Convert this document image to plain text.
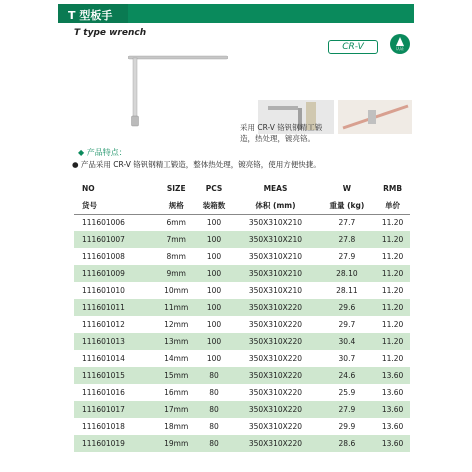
T 型板手
T type wrench
CR-V	认证
采用 CR-V 铬钒钢精工锻
造，热处理，镀亮铬。
◆ 产品特点：
● 产品采用 CR-V 铬钒钢精工锻造，整体热处理，镀亮铬，使用方便快捷。
NO	SIZE	PCS	MEAS	W	RMB
货号	规格	装箱数	体积 (mm)	重量 (kg)	单价
111601006	6mm	100	350X310X210	27.7	11.20
111601007	7mm	100	350X310X210	27.8	11.20
111601008	8mm	100	350X310X210	27.9	11.20
111601009	9mm	100	350X310X210	28.10	11.20
111601010	10mm	100	350X310X210	28.11	11.20
111601011	11mm	100	350X310X220	29.6	11.20
111601012	12mm	100	350X310X220	29.7	11.20
111601013	13mm	100	350X310X220	30.4	11.20
111601014	14mm	100	350X310X220	30.7	11.20
111601015	15mm	80	350X310X220	24.6	13.60
111601016	16mm	80	350X310X220	25.9	13.60
111601017	17mm	80	350X310X220	27.9	13.60
111601018	18mm	80	350X310X220	29.9	13.60
111601019	19mm	80	350X310X220	28.6	13.60
